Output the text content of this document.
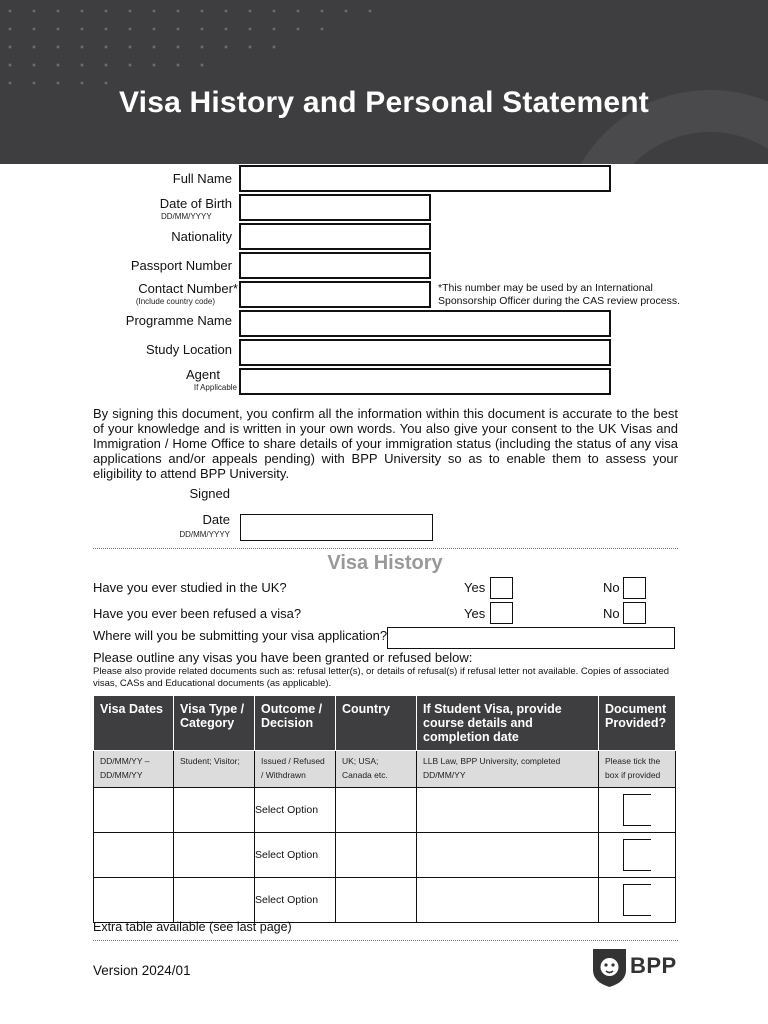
Visa History and Personal Statement
Full Name
Date of Birth
DD/MM/YYYY
Nationality
Passport Number
Contact Number*
(Include country code)
*This number may be used by an International
Sponsorship Officer during the CAS review process.
Programme Name
Study Location
Agent
If Applicable
By signing this document, you confirm all the information within this document is accurate to the best of your knowledge and is written in your own words. You also give your consent to the UK Visas and Immigration / Home Office to share details of your immigration status (including the status of any visa applications and/or appeals pending) with BPP University so as to enable them to assess your eligibility to attend BPP University.
Signed
Date
DD/MM/YYYY
Visa History
Have you ever studied in the UK?	Yes	No
Have you ever been refused a visa?	Yes	No
Where will you be submitting your visa application?
Please outline any visas you have been granted or refused below:
Please also provide related documents such as: refusal letter(s), or details of refusal(s) if refusal letter not available. Copies of associated visas, CASs and Educational documents (as applicable).
Visa Dates	Visa Type / Category	Outcome / Decision	Country	If Student Visa, provide course details and completion date	Document Provided?
DD/MM/YY – DD/MM/YY	Student; Visitor;	Issued / Refused / Withdrawn	UK; USA; Canada etc.	LLB Law, BPP University, completed DD/MM/YY	Please tick the box if provided
		Select Option			

		Select Option			

		Select Option			
Extra table available (see last page)
Version 2024/01	BPP
